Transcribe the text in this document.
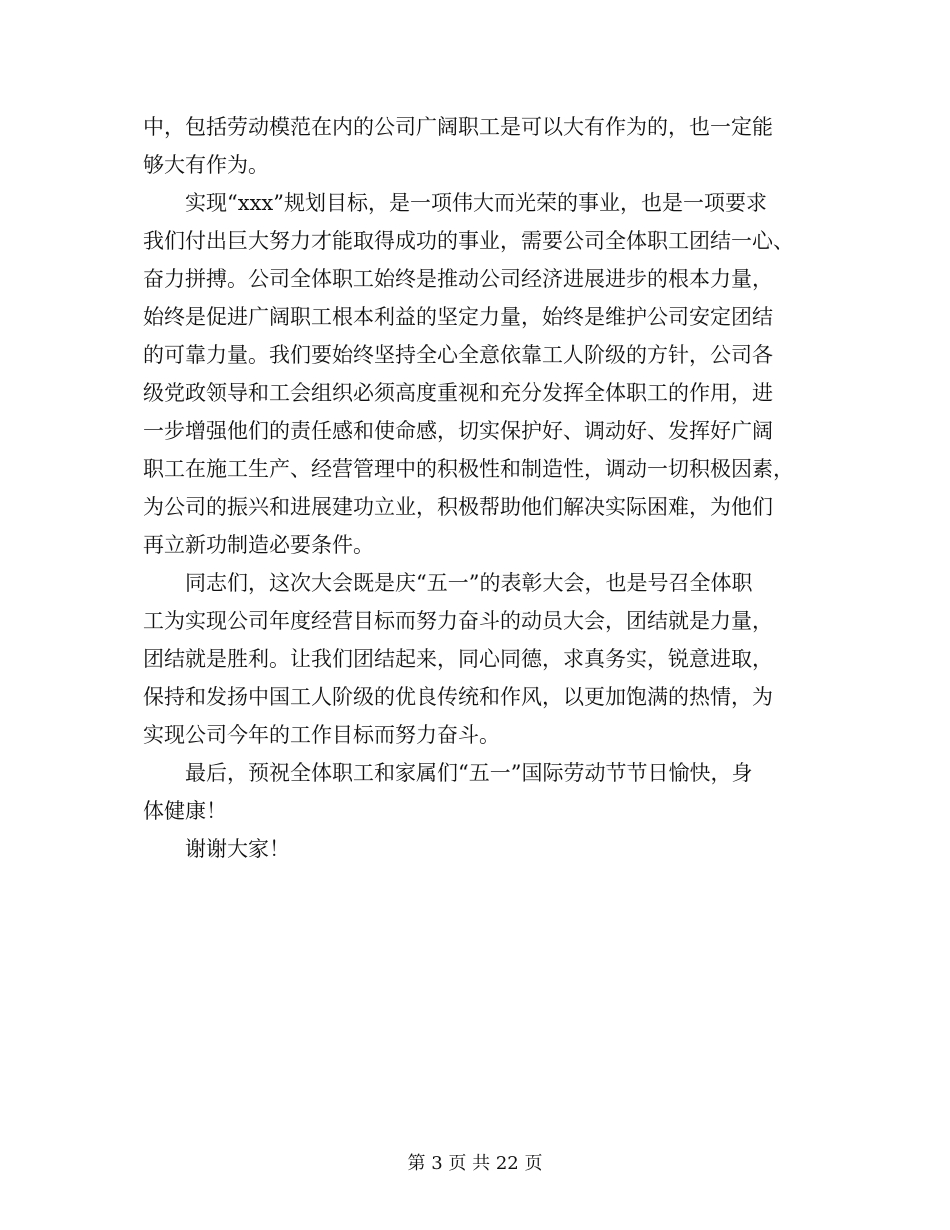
中，包括劳动模范在内的公司广阔职工是可以大有作为的，也一定能
够大有作为。
　　实现“xxx”规划目标，是一项伟大而光荣的事业，也是一项要求
我们付出巨大努力才能取得成功的事业，需要公司全体职工团结一心、
奋力拼搏。公司全体职工始终是推动公司经济进展进步的根本力量，
始终是促进广阔职工根本利益的坚定力量，始终是维护公司安定团结
的可靠力量。我们要始终坚持全心全意依靠工人阶级的方针，公司各
级党政领导和工会组织必须高度重视和充分发挥全体职工的作用，进
一步增强他们的责任感和使命感，切实保护好、调动好、发挥好广阔
职工在施工生产、经营管理中的积极性和制造性，调动一切积极因素，
为公司的振兴和进展建功立业，积极帮助他们解决实际困难，为他们
再立新功制造必要条件。
　　同志们，这次大会既是庆“五一”的表彰大会，也是号召全体职
工为实现公司年度经营目标而努力奋斗的动员大会，团结就是力量，
团结就是胜利。让我们团结起来，同心同德，求真务实，锐意进取，
保持和发扬中国工人阶级的优良传统和作风，以更加饱满的热情，为
实现公司今年的工作目标而努力奋斗。
　　最后，预祝全体职工和家属们“五一”国际劳动节节日愉快，身
体健康！
　　谢谢大家！
第 3 页 共 22 页
